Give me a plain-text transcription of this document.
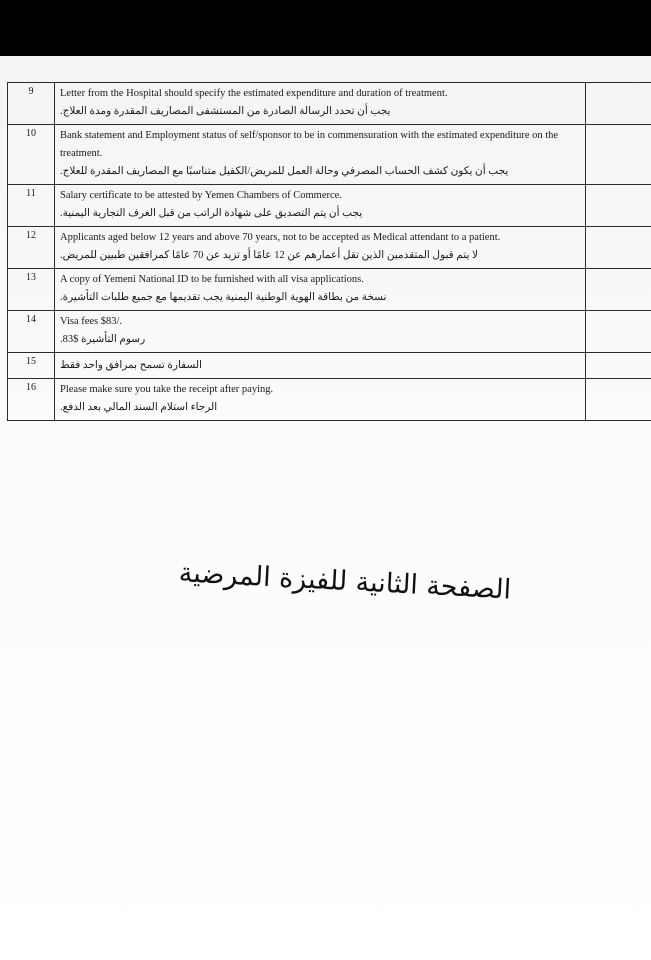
9	Letter from the Hospital should specify the estimated expenditure and duration of treatment.
يجب أن تحدد الرسالة الصادرة من المستشفى المصاريف المقدرة ومدة العلاج.	

10	Bank statement and Employment status of self/sponsor to be in commensuration with the estimated expenditure on the treatment.
يجب أن يكون كشف الحساب المصرفي وحالة العمل للمريض/الكفيل متناسبًا مع المصاريف المقدرة للعلاج.	

11	Salary certificate to be attested by Yemen Chambers of Commerce.
يجب أن يتم التصديق على شهادة الراتب من قبل الغرف التجارية اليمنية.	

12	Applicants aged below 12 years and above 70 years, not to be accepted as Medical attendant to a patient.
لا يتم قبول المتقدمين الذين تقل أعمارهم عن 12 عامًا أو تزيد عن 70 عامًا كمرافقين طبيين للمريض.	

13	A copy of Yemeni National ID to be furnished with all visa applications.
نسخة من بطاقة الهوية الوطنية اليمنية يجب تقديمها مع جميع طلبات التأشيرة.	

14	Visa fees $83/.
رسوم التأشيرة $83.	

15	السفارة تسمح بمرافق واحد فقط	

16	Please make sure you take the receipt after paying.
الرجاء استلام السند المالي بعد الدفع.	

الصفحة الثانية للفيزة المرضية
